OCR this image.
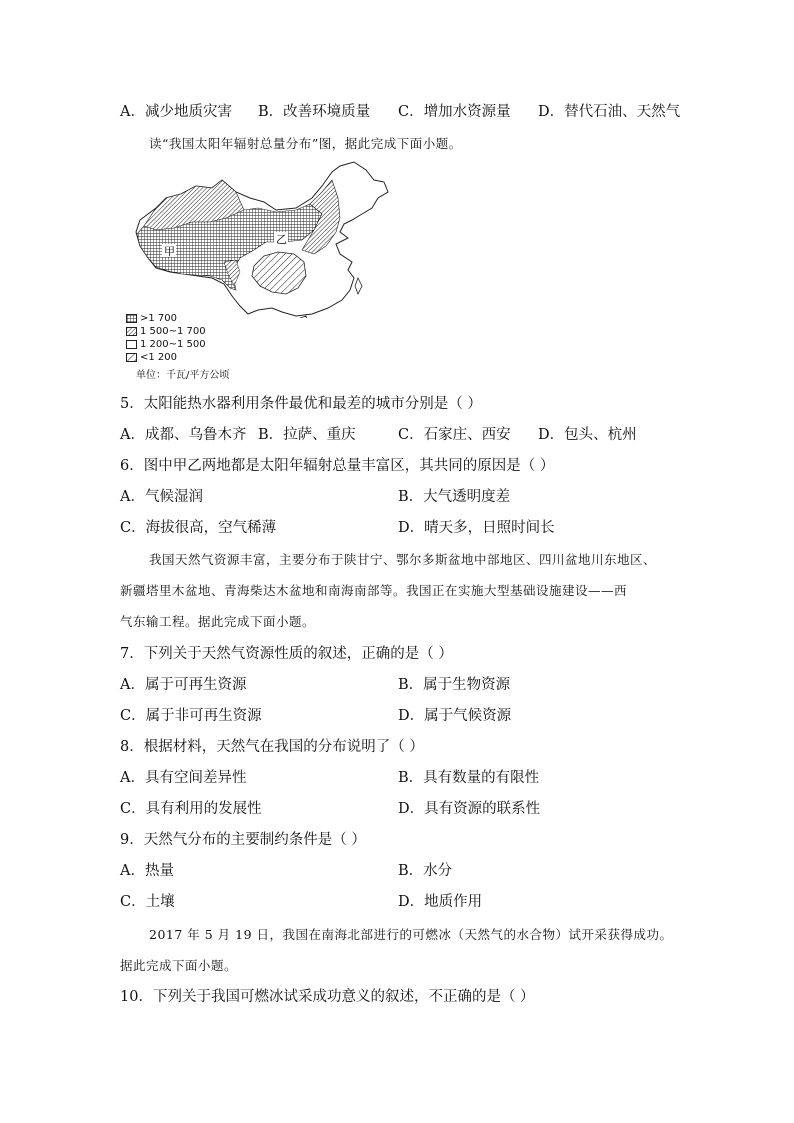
A．减少地质灾害 B．改善环境质量 C．增加水资源量 D．替代石油、天然气
读“我国太阳年辐射总量分布”图，据此完成下面小题。
甲
乙
>1 700
1 500~1 700
1 200~1 500
<1 200
单位：千瓦/平方公顷
5．太阳能热水器利用条件最优和最差的城市分别是（ ）
A．成都、乌鲁木齐 B．拉萨、重庆	C．石家庄、西安 D．包头、杭州
6．图中甲乙两地都是太阳年辐射总量丰富区，其共同的原因是（ ）
A．气候湿润	B．大气透明度差
C．海拔很高，空气稀薄	D．晴天多，日照时间长
我国天然气资源丰富，主要分布于陕甘宁、鄂尔多斯盆地中部地区、四川盆地川东地区、
新疆塔里木盆地、青海柴达木盆地和南海南部等。我国正在实施大型基础设施建设——西
气东输工程。据此完成下面小题。
7．下列关于天然气资源性质的叙述，正确的是（ ）
A．属于可再生资源	B．属于生物资源
C．属于非可再生资源	D．属于气候资源
8．根据材料，天然气在我国的分布说明了（ ）
A．具有空间差异性	B．具有数量的有限性
C．具有利用的发展性	D．具有资源的联系性
9．天然气分布的主要制约条件是（ ）
A．热量	B．水分
C．土壤	D．地质作用
2017 年 5 月 19 日，我国在南海北部进行的可燃冰（天然气的水合物）试开采获得成功。
据此完成下面小题。
10．下列关于我国可燃冰试采成功意义的叙述，不正确的是（ ）
